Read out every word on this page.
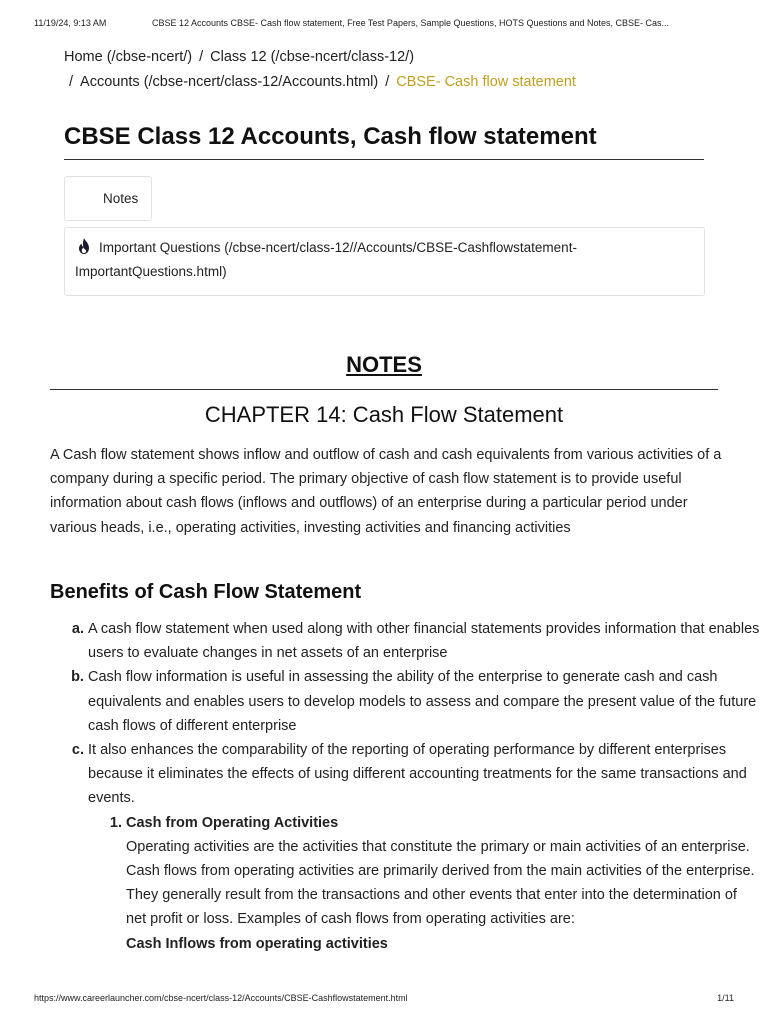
11/19/24, 9:13 AM	CBSE 12 Accounts CBSE- Cash flow statement, Free Test Papers, Sample Questions, HOTS Questions and Notes, CBSE- Cas...
Home (/cbse-ncert/) / Class 12 (/cbse-ncert/class-12/)
/ Accounts (/cbse-ncert/class-12/Accounts.html) / CBSE- Cash flow statement
CBSE Class 12 Accounts, Cash flow statement
Notes
Important Questions (/cbse-ncert/class-12//Accounts/CBSE-Cashflowstatement-ImportantQuestions.html)
NOTES
CHAPTER 14: Cash Flow Statement

A Cash flow statement shows inflow and outflow of cash and cash equivalents from various activities of a company during a specific period. The primary objective of cash flow statement is to provide useful information about cash flows (inflows and outflows) of an enterprise during a particular period under various heads, i.e., operating activities, investing activities and financing activities

Benefits of Cash Flow Statement
a. A cash flow statement when used along with other financial statements provides information that enables users to evaluate changes in net assets of an enterprise
b. Cash flow information is useful in assessing the ability of the enterprise to generate cash and cash equivalents and enables users to develop models to assess and compare the present value of the future cash flows of different enterprise
c. It also enhances the comparability of the reporting of operating performance by different enterprises because it eliminates the effects of using different accounting treatments for the same transactions and events.
1. Cash from Operating Activities
Operating activities are the activities that constitute the primary or main activities of an enterprise. Cash flows from operating activities are primarily derived from the main activities of the enterprise. They generally result from the transactions and other events that enter into the determination of net profit or loss. Examples of cash flows from operating activities are:
Cash Inflows from operating activities
https://www.careerlauncher.com/cbse-ncert/class-12/Accounts/CBSE-Cashflowstatement.html	1/11
